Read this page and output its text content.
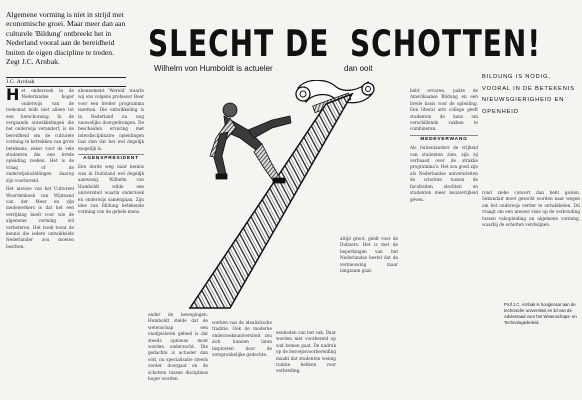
Algemene vorming is niet in strijd met economische groei. Maar meer dan aan culturele 'Bildung' ontbreekt het in Nederland vooral aan de bereidheid buiten de eigen discipline te treden. Zegt J.C. Arnbak.
J.C. Arnbak
SLECHT DE SCHOTTEN!
Wilhelm von Humboldt is actueler	dan ooit

Het onderzoek in de Nederlandse hoger onderwijs van de toekomst leidt niet alleen tot een herschorsing. In de vergaande ontwikkelingen die het onderwijs verandert, is de bereidheid om de culturele vorming te betrekken van grote betekenis, zeker voor de vele studenten die een brede opleiding zoeken. Het is de vraag of de onderwijsinstellingen daarop zijn voorbereid.

Het nieuwe van het Cultureel Woordenboek van Wijnnand van der Meer en zijn medewerkers is dat het een verrijking biedt voor wie de algemene vorming wil verbeteren. Het boek toont de kennis die iedere ontwikkelde Nederlander zou moeten bezitten.

abonnement 'Wereld' waarin wij ons volgens professor Boer voor een breder programma inzetten. Die ontwikkeling is in Nederland nu nog nauwelijks doorgedrongen. De bescheiden ervaring met interdisciplinaire opleidingen laat zien dat het wel degelijk mogelijk is.

AGENSPRESIDENT

Een derde weg naar kennis was in Duitsland wel degelijk aanwezig. Wilhelm von Humboldt wilde een universiteit waarin onderzoek en onderwijs samengaan. Zijn idee van Bildung betekende vorming van de gehele mens.

onder de bewegingen. Humboldt stelde dat de wetenschap een onafgesloten geheel is dat steeds opnieuw moet worden onderzocht. Die gedachte is actueler dan ooit, nu specialisatie steeds verder doorgaat en de schotten tussen disciplines hoger worden.

werken van de idealistische traditie. Ook de moderne onderzoeksuniversiteit zou zich kunnen laten inspireren door de oorspronkelijke gedachte.

eenheden van het vak. Daar worden niet voorbereid op wat komen gaat. De nadruk op de beroepsvoorbereiding maakt dat studenten weinig ruimte hebben voor verbreding.

altijd groot, geldt voor de Duitsers. Het is met de beperkingen van het Nederlandse bestel dat de vernieuwing maar langzaam gaat.

hebt ervaren, pakte de Amerikaanse Bildung en een brede basis voor de opleiding. Een liberal arts college geeft studenten de kans om verschillende vakken te combineren.

MEDEVERWANG

Als buitenlanders de vrijheid van studenten zien, zijn zij verbaasd over de strakke programma's. Het zou goed zijn als Nederlandse universiteiten de schotten tussen de faculteiten slechten en studenten meer keuzevrijheid geven.

rond ziehe concert dan hebt gezien. Sekundair moet gezocht worden naar wegen om het onderwijs verder te ontwikkelen. Dit vraagt om een nieuwe visie op de verhouding tussen vakopleiding en algemene vorming, waarbij de schotten verdwijnen.

BILDUNG IS NODIG, VOORAL IN DE BETEKENIS NIEUWSGIERIGHEID EN OPENHEID
Prof.J.C. Arnbak is hoogleraar aan de technische universiteit en lid van de Adviesraad voor het Wetenschaps- en Technologiebeleid.
